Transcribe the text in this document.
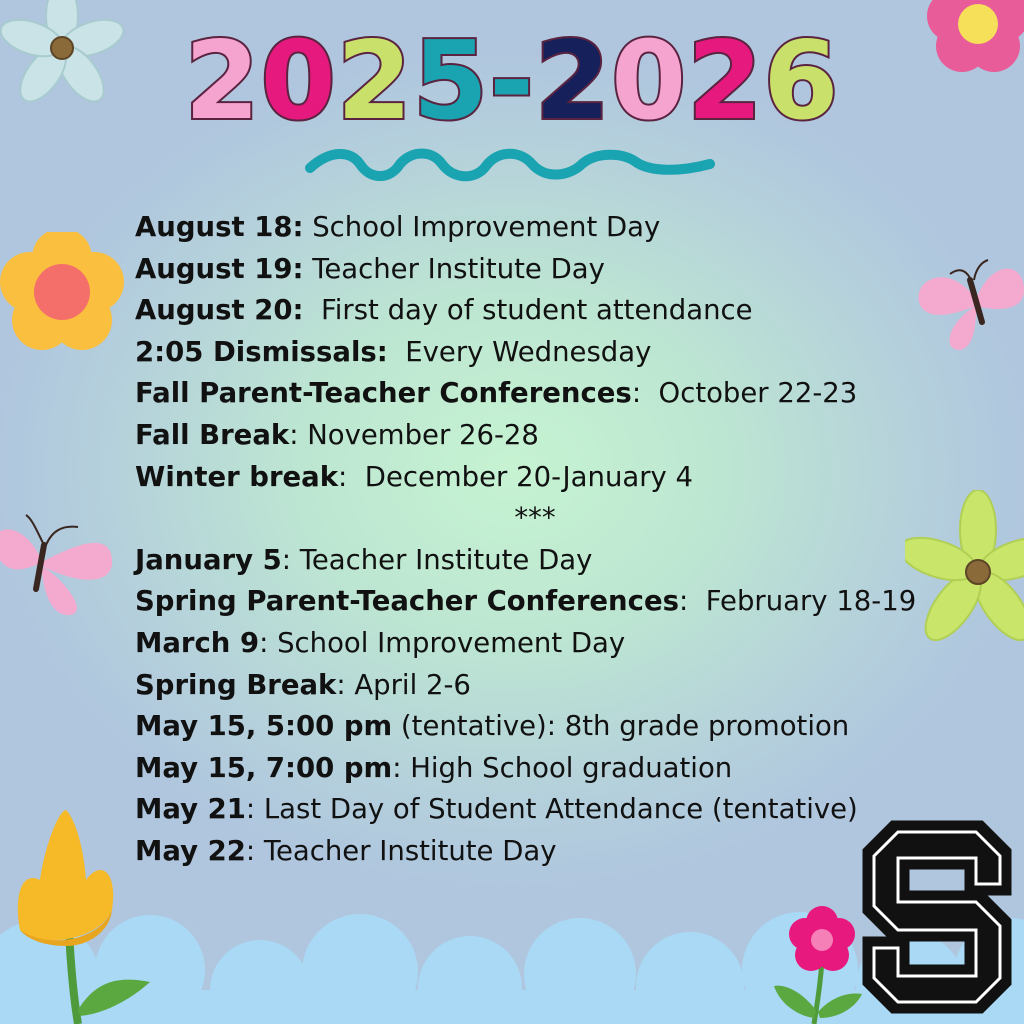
2025-2026
August 18: School Improvement Day
August 19: Teacher Institute Day
August 20:  First day of student attendance
2:05 Dismissals:  Every Wednesday
Fall Parent-Teacher Conferences:  October 22-23
Fall Break: November 26-28
Winter break:  December 20-January 4
***
January 5: Teacher Institute Day
Spring Parent-Teacher Conferences:  February 18-19
March 9: School Improvement Day
Spring Break: April 2-6
May 15, 5:00 pm (tentative): 8th grade promotion
May 15, 7:00 pm: High School graduation
May 21: Last Day of Student Attendance (tentative)
May 22: Teacher Institute Day
